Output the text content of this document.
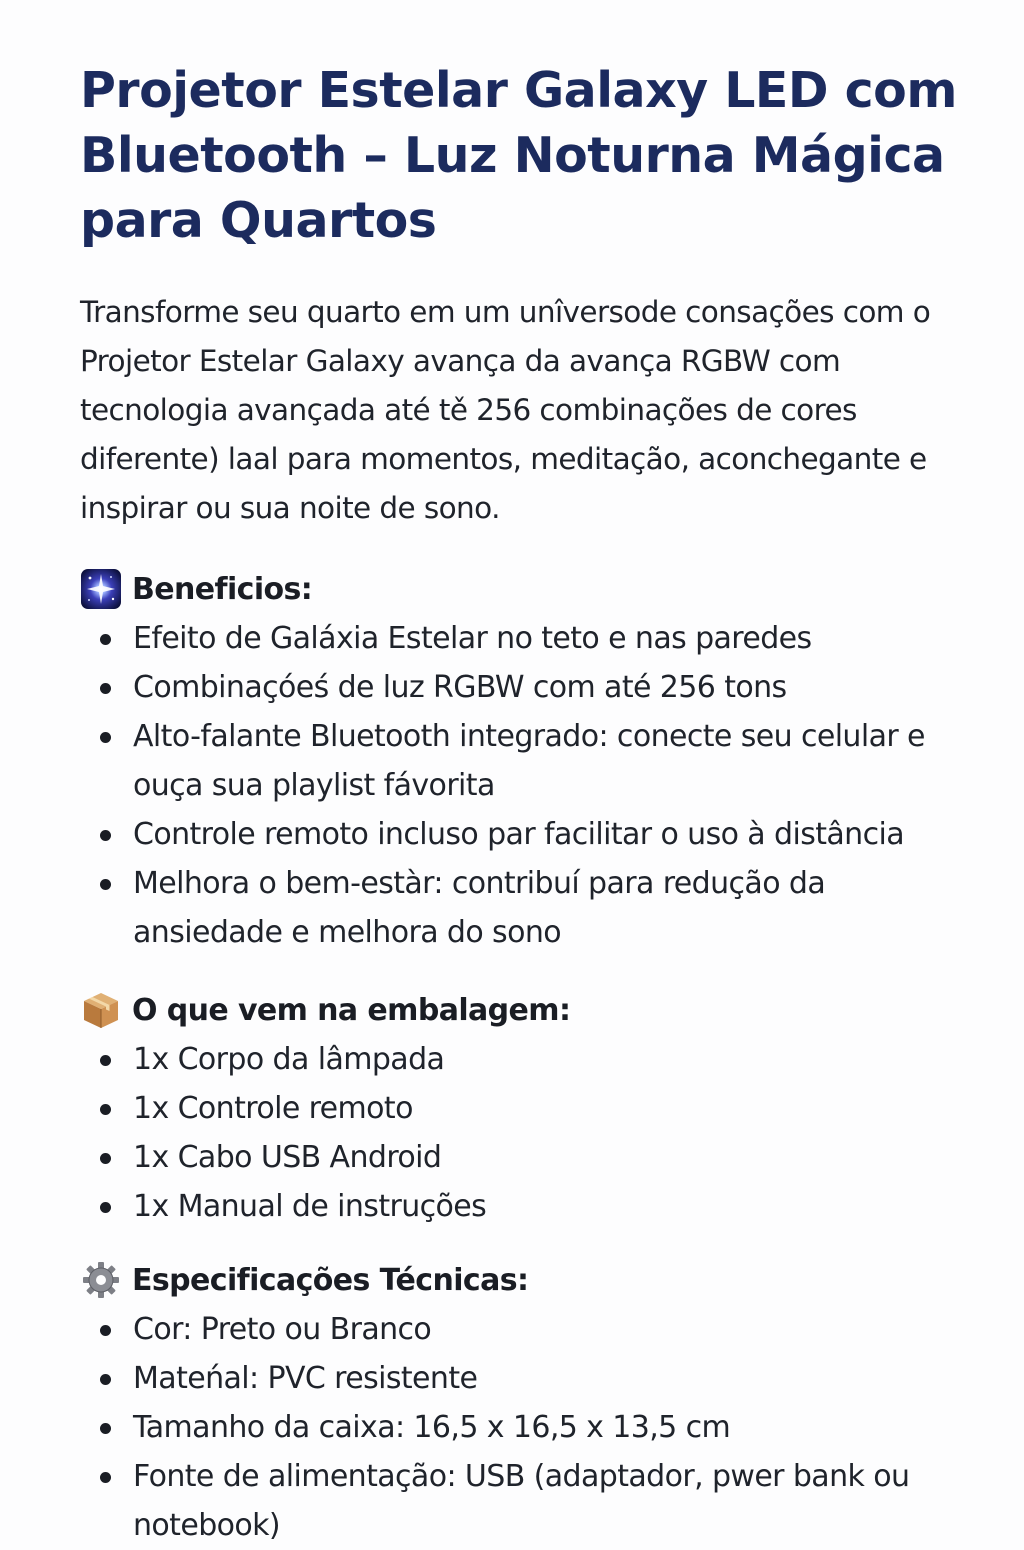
Projetor Estelar Galaxy LED com Bluetooth – Luz Noturna Mágica para Quartos

Transforme seu quarto em um unîversode consações com o Projetor Estelar Galaxy avança da avança RGBW com tecnologia avançada até tě 256 combinações de cores diferente) laal para momentos, meditação, aconchegante e inspirar ou sua noite de sono.

Beneficios:
Efeito de Galáxia Estelar no teto e nas paredes
Combinaçóeś de luz RGBW com até 256 tons
Alto-falante Bluetooth integrado: conecte seu celular e ouça sua playlist fávorita
Controle remoto incluso par facilitar o uso à distância
Melhora o bem-estàr: contribuí para redução da ansiedade e melhora do sono
O que vem na embalagem:
1x Corpo da lâmpada
1x Controle remoto
1x Cabo USB Android
1x Manual de instruções
Especificações Técnicas:
Cor: Preto ou Branco
Mateńal: PVC resistente
Tamanho da caixa: 16,5 x 16,5 x 13,5 cm
Fonte de alimentação: USB (adaptador, pwer bank ou notebook)
